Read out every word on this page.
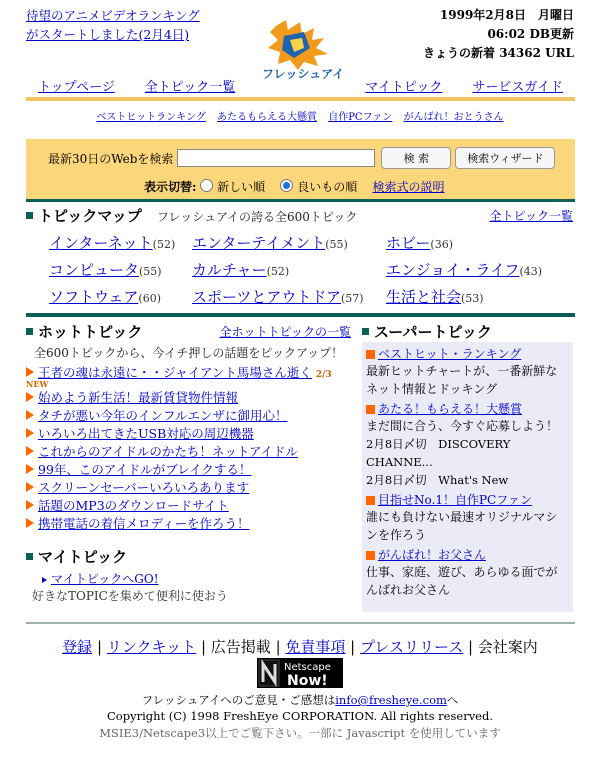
待望のアニメビデオランキング
がスタートしました(2月4日)
フレッシュアイ
1999年2月8日　月曜日
06:02 DB更新
きょうの新着 34362 URL
トップページ 全トピック一覧	マイトピック サービスガイド
ベストヒットランキング あたるもらえる大懸賞 自作PCファン がんばれ！おとうさん
最新30日のWebを検索	検 索	検索ウィザード
表示切替: 新しい順	良いもの順 検索式の説明
トピックマップ フレッシュアイの誇る全600トピック	全トピック一覧
インターネット(52)	エンターテイメント(55)	ホビー(36)
コンピュータ(55)	カルチャー(52)	エンジョイ・ライフ(43)
ソフトウェア(60)	スポーツとアウトドア(57)	生活と社会(53)
ホットトピック	全ホットトピックの一覧
全600トピックから、今イチ押しの話題をピックアップ！
王者の魂は永遠に・・ジャイアント馬場さん逝く 2/3
NEW
始めよう新生活！最新賃貸物件情報
タチが悪い今年のインフルエンザに御用心！
いろいろ出てきたUSB対応の周辺機器
これからのアイドルのかたち！ネットアイドル
99年、このアイドルがブレイクする！
スクリーンセーバーいろいろあります
話題のMP3のダウンロードサイト
携帯電話の着信メロディーを作ろう！
マイトピック
マイトピックへGO!
好きなTOPICを集めて便利に使おう
スーパートピック
ベストヒット・ランキング
最新ヒットチャートが、一番新鮮なネット情報とドッキング
あたる！もらえる！大懸賞
まだ間に合う、今すぐ応募しよう！
2月8日〆切　DISCOVERY CHANNE...
2月8日〆切　What's New
目指せNo.1！自作PCファン
誰にも負けない最速オリジナルマシンを作ろう
がんばれ！お父さん
仕事、家庭、遊び、あらゆる面でがんばれお父さん
登録 | リンクキット | 広告掲載 | 免責事項 | プレスリリース | 会社案内
Netscape
Now!
フレッシュアイへのご意見・ご感想はinfo@fresheye.comへ
Copyright (C) 1998 FreshEye CORPORATION. All rights reserved.
MSIE3/Netscape3以上でご覧下さい。一部に Javascript を使用しています
